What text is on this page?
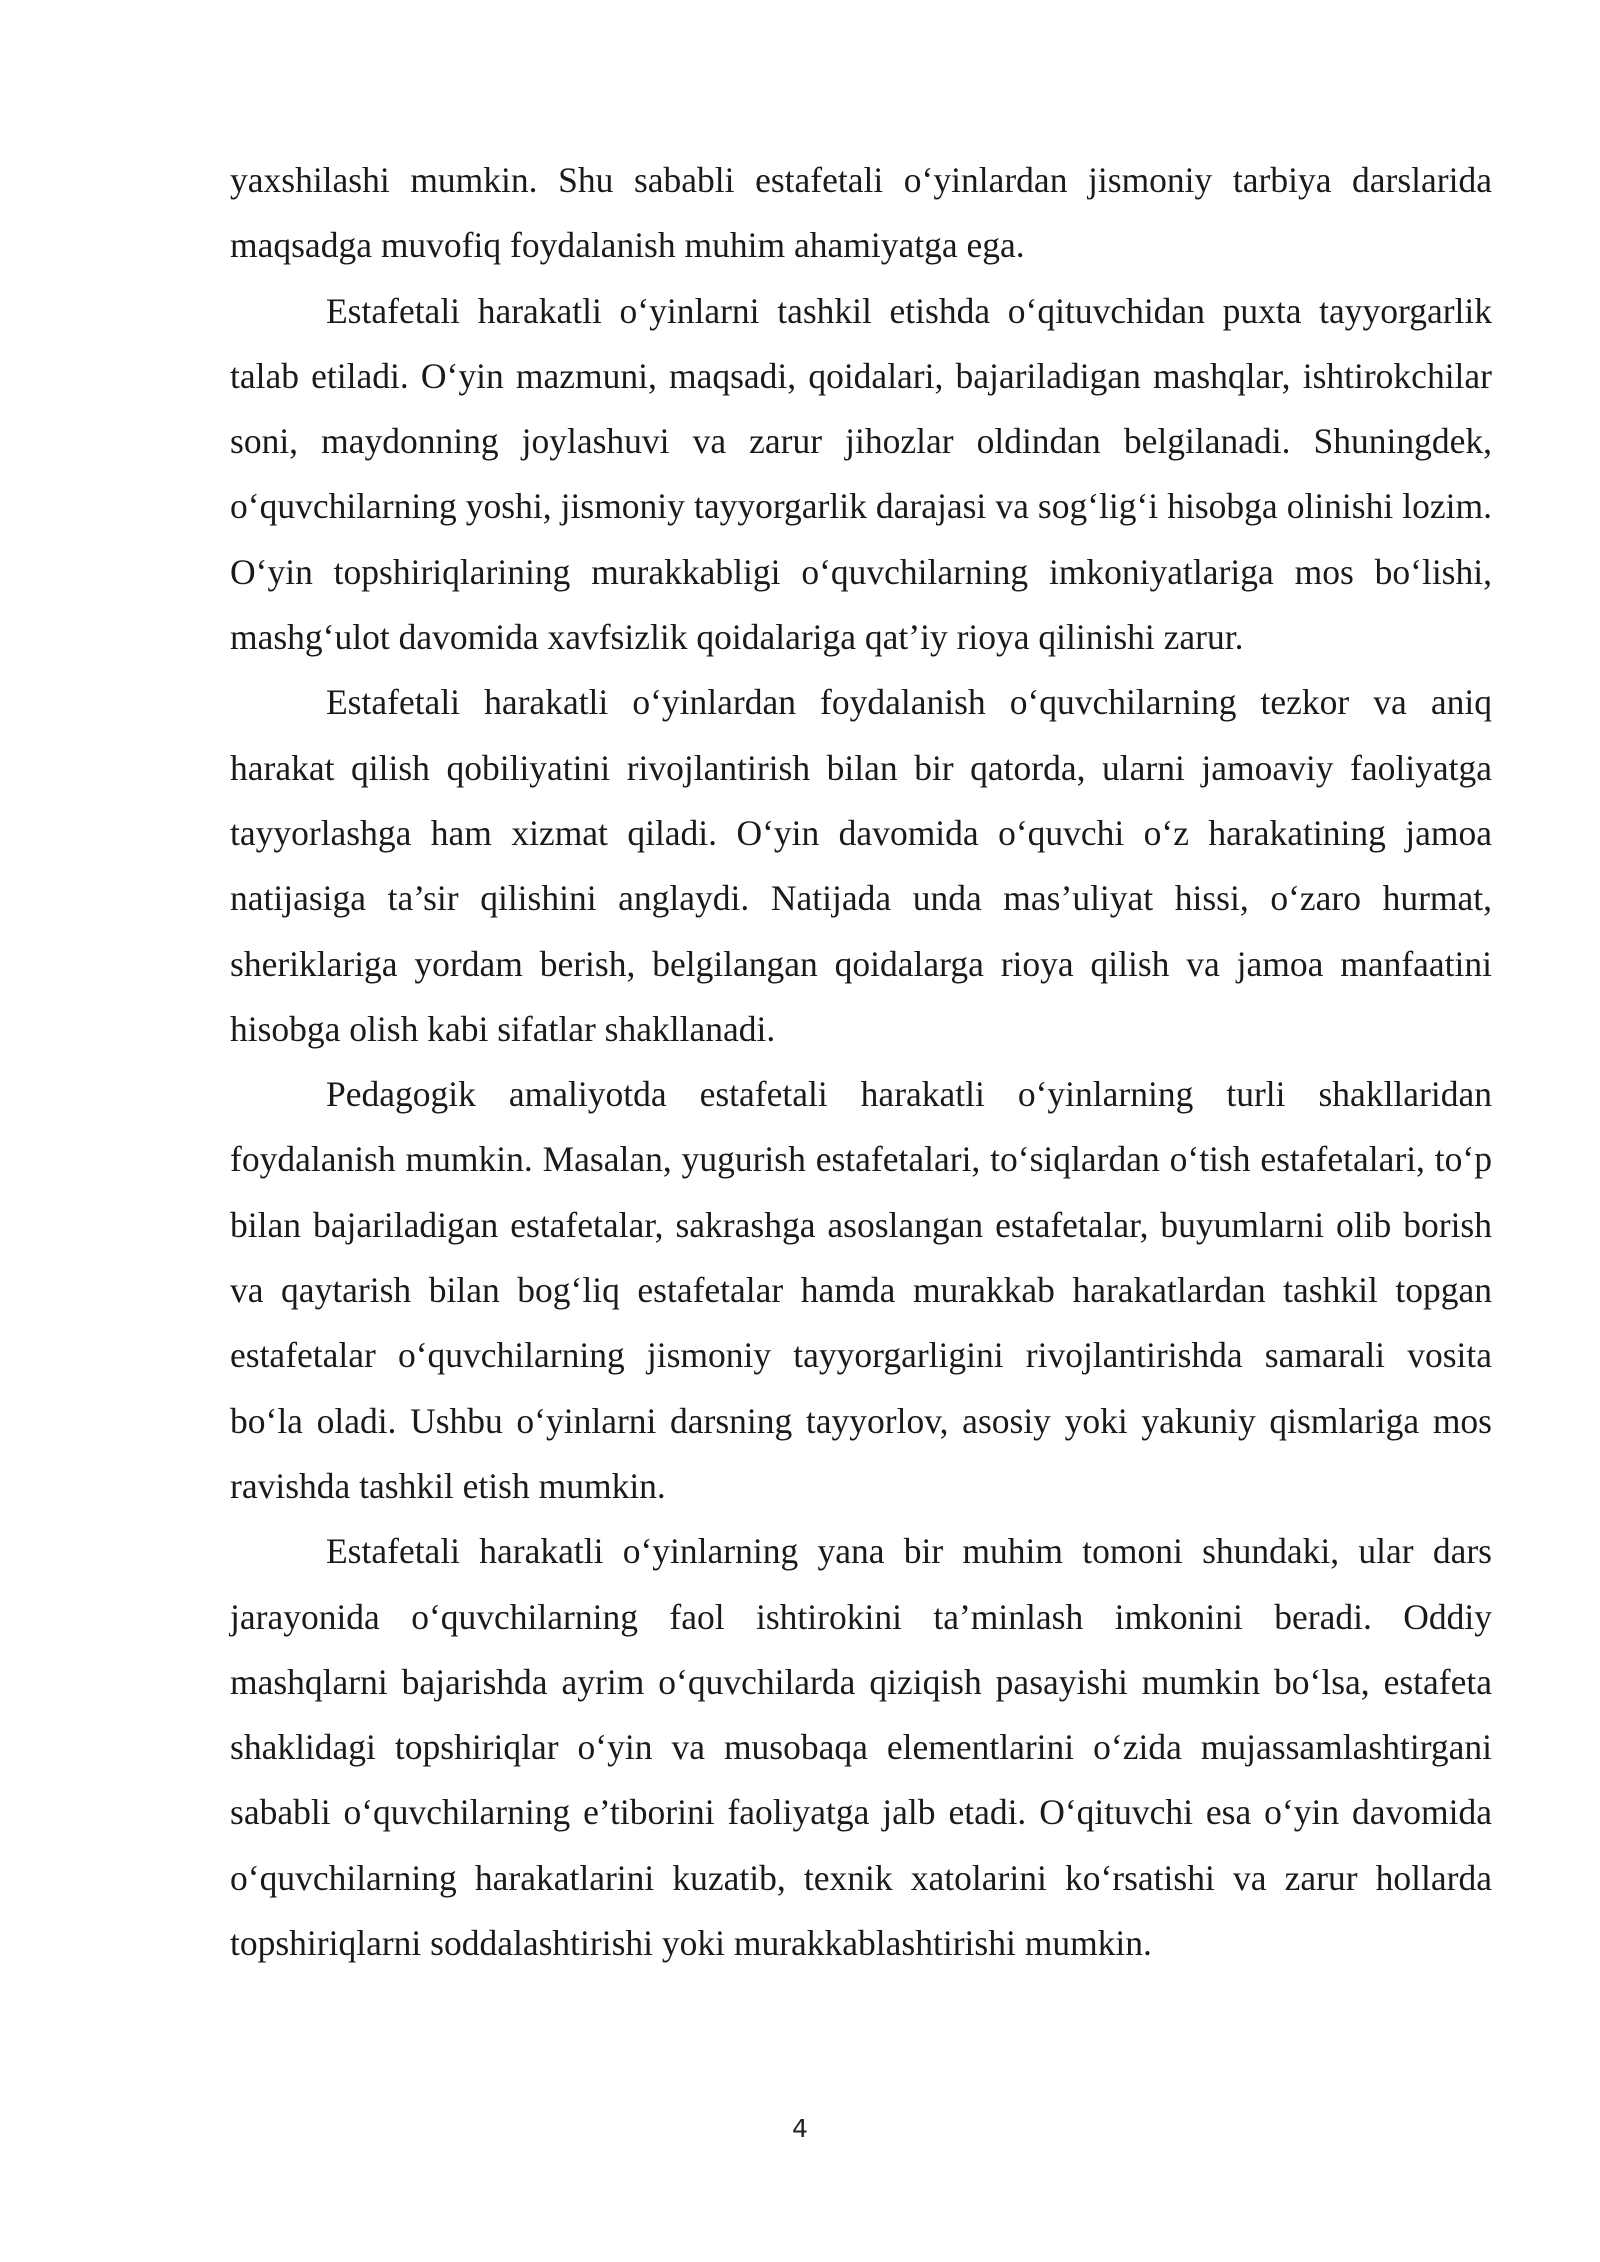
yaxshilashi mumkin. Shu sababli estafetali o‘yinlardan jismoniy tarbiya darslarida maqsadga muvofiq foydalanish muhim ahamiyatga ega.

Estafetali harakatli o‘yinlarni tashkil etishda o‘qituvchidan puxta tayyorgarlik talab etiladi. O‘yin mazmuni, maqsadi, qoidalari, bajariladigan mashqlar, ishtirokchilar soni, maydonning joylashuvi va zarur jihozlar oldindan belgilanadi. Shuningdek, o‘quvchilarning yoshi, jismoniy tayyorgarlik darajasi va sog‘lig‘i hisobga olinishi lozim. O‘yin topshiriqlarining murakkabligi o‘quvchilarning imkoniyatlariga mos bo‘lishi, mashg‘ulot davomida xavfsizlik qoidalariga qat’iy rioya qilinishi zarur.

Estafetali harakatli o‘yinlardan foydalanish o‘quvchilarning tezkor va aniq harakat qilish qobiliyatini rivojlantirish bilan bir qatorda, ularni jamoaviy faoliyatga tayyorlashga ham xizmat qiladi. O‘yin davomida o‘quvchi o‘z harakatining jamoa natijasiga ta’sir qilishini anglaydi. Natijada unda mas’uliyat hissi, o‘zaro hurmat, sheriklariga yordam berish, belgilangan qoidalarga rioya qilish va jamoa manfaatini hisobga olish kabi sifatlar shakllanadi.

Pedagogik amaliyotda estafetali harakatli o‘yinlarning turli shakllaridan foydalanish mumkin. Masalan, yugurish estafetalari, to‘siqlardan o‘tish estafetalari, to‘p bilan bajariladigan estafetalar, sakrashga asoslangan estafetalar, buyumlarni olib borish va qaytarish bilan bog‘liq estafetalar hamda murakkab harakatlardan tashkil topgan estafetalar o‘quvchilarning jismoniy tayyorgarligini rivojlantirishda samarali vosita bo‘la oladi. Ushbu o‘yinlarni darsning tayyorlov, asosiy yoki yakuniy qismlariga mos ravishda tashkil etish mumkin.

Estafetali harakatli o‘yinlarning yana bir muhim tomoni shundaki, ular dars jarayonida o‘quvchilarning faol ishtirokini ta’minlash imkonini beradi. Oddiy mashqlarni bajarishda ayrim o‘quvchilarda qiziqish pasayishi mumkin bo‘lsa, estafeta shaklidagi topshiriqlar o‘yin va musobaqa elementlarini o‘zida mujassamlashtirgani sababli o‘quvchilarning e’tiborini faoliyatga jalb etadi. O‘qituvchi esa o‘yin davomida o‘quvchilarning harakatlarini kuzatib, texnik xatolarini ko‘rsatishi va zarur hollarda topshiriqlarni soddalashtirishi yoki murakkablashtirishi mumkin.

4
